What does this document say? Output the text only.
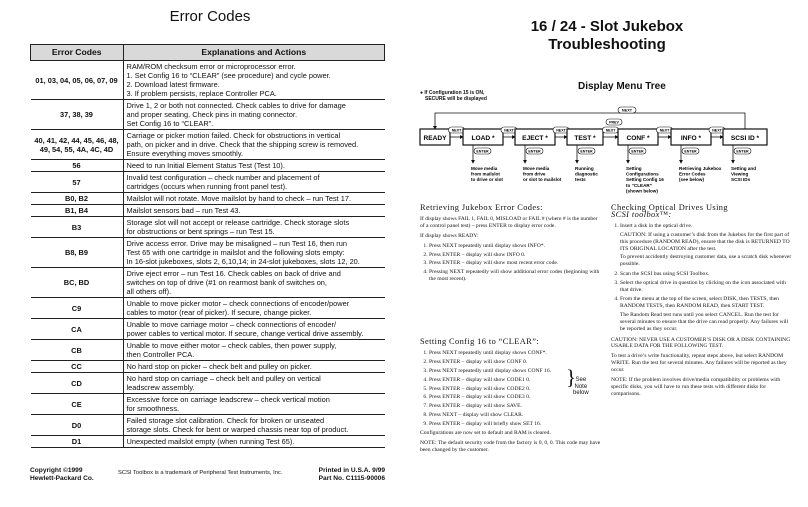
Error Codes
Error Codes	Explanations and Actions
01, 03, 04, 05, 06, 07, 09	RAM/ROM checksum error or microprocessor error.
1. Set Config 16 to “CLEAR” (see procedure) and cycle power.
2. Download latest firmware.
3. If problem persists, replace Controller PCA.

37, 38, 39	Drive 1, 2 or both not connected. Check cables to drive for damage
and proper seating. Check pins in mating connector.
Set Config 16 to “CLEAR”.

40, 41, 42, 44, 45, 46, 48, 49, 54, 55, 4A, 4C, 4D	Carriage or picker motion failed. Check for obstructions in vertical
path, on picker and in drive. Check that the shipping screw is removed.
Ensure everything moves smoothly.

56	Need to run Initial Element Status Test (Test 10).

57	Invalid test configuration – check number and placement of
cartridges (occurs when running front panel test).

B0, B2	Mailslot will not rotate. Move mailslot by hand to check – run Test 17.

B1, B4	Mailslot sensors bad – run Test 43.

B3	Storage slot will not accept or release cartridge. Check storage slots
for obstructions or bent springs – run Test 15.

B8, B9	Drive access error. Drive may be misaligned – run Test 16, then run
Test 65 with one cartridge in mailslot and the following slots empty:
In 16-slot jukeboxes, slots 2, 6,10,14; in 24-slot jukeboxes, slots 12, 20.

BC, BD	Drive eject error – run Test 16. Check cables on back of drive and
switches on top of drive (#1 on rearmost bank of switches on,
all others off).

C9	Unable to move picker motor – check connections of encoder/power
cables to motor (rear of picker). If secure, change picker.

CA	Unable to move carriage motor – check connections of encoder/
power cables to vertical motor. If secure, change vertical drive assembly.

CB	Unable to move either motor – check cables, then power supply,
then Controller PCA.

CC	No hard stop on picker – check belt and pulley on picker.

CD	No hard stop on carriage – check belt and pulley on vertical
leadscrew assembly.

CE	Excessive force on carriage leadscrew – check vertical motion
for smoothness.

D0	Failed storage slot calibration. Check for broken or unseated
storage slots. Check for bent or warped chassis near top of product.

D1	Unexpected mailslot empty (when running Test 65).
Copyright ©1999
Hewlett-Packard Co.
SCSI Toolbox is a trademark of Peripheral Test Instruments, Inc.	Printed in U.S.A. 9/99
Part No. C1115-90006
16 / 24 - Slot Jukebox
Troubleshooting
Display Menu Tree
● If Configuration 15 is ON,
SECURE will be displayed
NEXT
READY
NEXT
LOAD *
NEXT
EJECT *
NEXT
TEST *
NEXT
CONF *
NEXT
INFO *
NEXT
SCSI ID *
PREV
ENTER
Move media
from mailslot
to drive or slot
ENTER
Move media
from drive
or slot to mailslot
ENTER
Running
diagnostic
tests
ENTER
Setting
Configurations
Setting Config 16
to “CLEAR”
(shown below)
ENTER
Retrieving Jukebox
Error Codes
(see below)
ENTER
Setting and
Viewing
SCSI IDs
Retrieving Jukebox Error Codes:

If display shows FAIL 1, FAIL 0, MISLOAD or FAIL # (where # is the number of a control panel test) – press ENTER to display error code.

If display shows READY:

1. Press NEXT repeatedly until display shows INFO*.
2. Press ENTER – display will show INFO 0.
3. Press ENTER – display will show most recent error code.
4. Pressing NEXT repeatedly will show additional error codes (beginning with the most recent).
Setting Config 16 to “CLEAR”:
1. Press NEXT repeatedly until display shows CONF*.
2. Press ENTER – display will show CONF 0.
3. Press NEXT repeatedly until display shows CONF 16.
4. Press ENTER – display will show CODE1 0.
5. Press ENTER – display will show CODE2 0.
6. Press ENTER – display will show CODE3 0.
7. Press ENTER – display will show SAVE.
8. Press NEXT – display will show CLEAR.
9. Press ENTER – display will briefly show SET 16.

Configurations are now set to default and RAM is cleared.

NOTE: The default security code from the factory is 0, 0, 0. This code may have been changed by the customer.

} See
Note
below
Checking Optical Drives Using
SCSI toolbox™:
1. Insert a disk in the optical drive.

CAUTION: If using a customer’s disk from the Jukebox for the first part of this procedure (RANDOM READ), ensure that the disk is RETURNED TO ITS ORIGINAL LOCATION after the test.

To prevent accidently destroying customer data, use a scratch disk whenever possible.

2. Scan the SCSI bus using SCSI Toolbox.
3. Select the optical drive in question by clicking on the icon associated with that drive.
4. From the menu at the top of the screen, select DISK, then TESTS, then RANDOM TESTS, then RANDOM READ, then START TEST.

The Random Read test runs until you select CANCEL. Run the test for several minutes to ensure that the drive can read properly. Any failures will be reported as they occur.

CAUTION: NEVER USE A CUSTOMER’S DISK OR A DISK CONTAINING USABLE DATA FOR THE FOLLOWING TEST.

To test a drive’s write functionality, repeat steps above, but select RANDOM WRITE. Run the test for several minutes. Any failures will be reported as they occur.

NOTE: If the problem involves drive/media compatibility or problems with specific disks, you will have to run these tests with different disks for comparisons.
